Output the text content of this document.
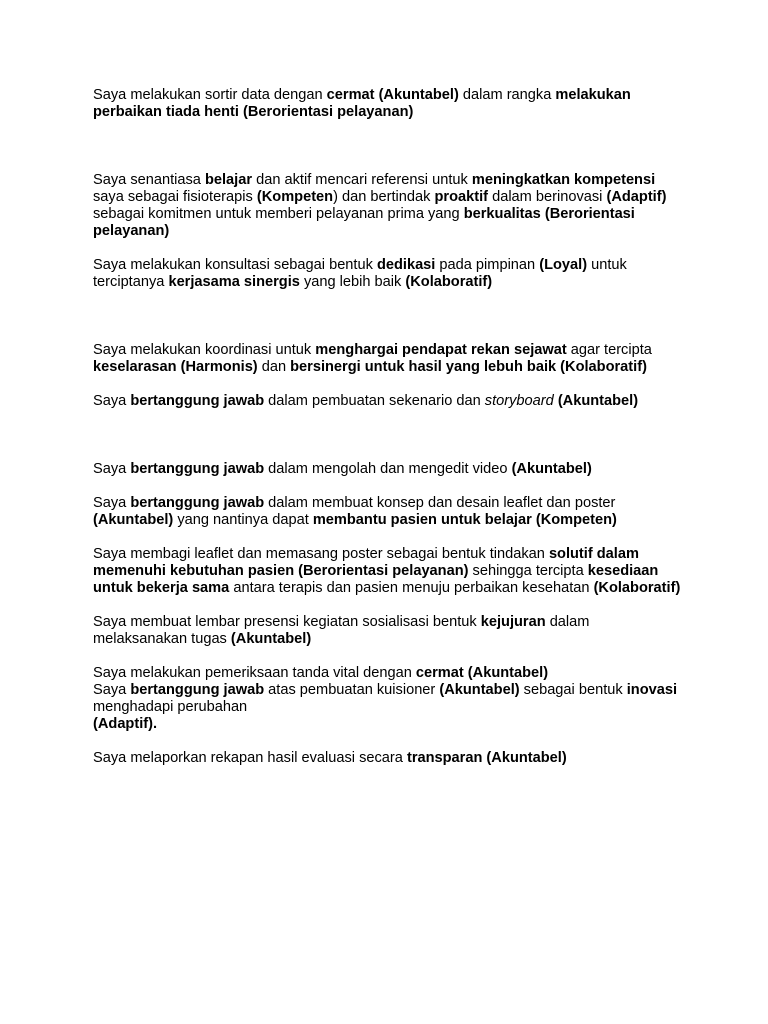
Saya melakukan sortir data dengan cermat (Akuntabel) dalam rangka melakukan perbaikan tiada henti (Berorientasi pelayanan)

Saya senantiasa belajar dan aktif mencari referensi untuk meningkatkan kompetensi saya sebagai fisioterapis (Kompeten) dan bertindak proaktif dalam berinovasi (Adaptif) sebagai komitmen untuk memberi pelayanan prima yang berkualitas (Berorientasi pelayanan)

Saya melakukan konsultasi sebagai bentuk dedikasi pada pimpinan (Loyal) untuk terciptanya kerjasama sinergis yang lebih baik (Kolaboratif)

Saya melakukan koordinasi untuk menghargai pendapat rekan sejawat agar tercipta keselarasan (Harmonis) dan bersinergi untuk hasil yang lebuh baik (Kolaboratif)

Saya bertanggung jawab dalam pembuatan sekenario dan storyboard (Akuntabel)

Saya bertanggung jawab dalam mengolah dan mengedit video (Akuntabel)

Saya bertanggung jawab dalam membuat konsep dan desain leaflet dan poster (Akuntabel) yang nantinya dapat membantu pasien untuk belajar (Kompeten)

Saya membagi leaflet dan memasang poster sebagai bentuk tindakan solutif dalam memenuhi kebutuhan pasien (Berorientasi pelayanan) sehingga tercipta kesediaan untuk bekerja sama antara terapis dan pasien menuju perbaikan kesehatan (Kolaboratif)

Saya membuat lembar presensi kegiatan sosialisasi bentuk kejujuran dalam melaksanakan tugas (Akuntabel)

Saya melakukan pemeriksaan tanda vital dengan cermat (Akuntabel)

Saya bertanggung jawab atas pembuatan kuisioner (Akuntabel) sebagai bentuk inovasi menghadapi perubahan

(Adaptif).

Saya melaporkan rekapan hasil evaluasi secara transparan (Akuntabel)
